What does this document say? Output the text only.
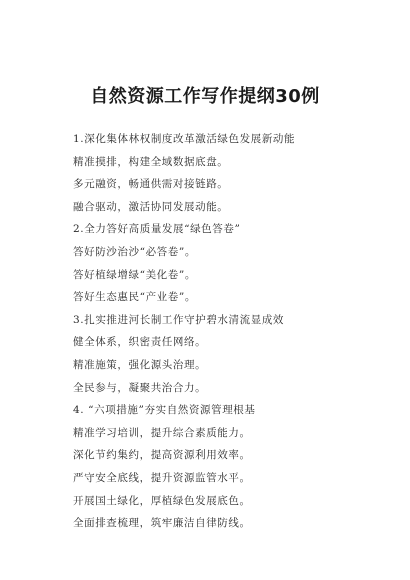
自然资源工作写作提纲30例
1.深化集体林权制度改革激活绿色发展新动能
精准摸排，构建全域数据底盘。
多元融资，畅通供需对接链路。
融合驱动，激活协同发展动能。
2.全力答好高质量发展“绿色答卷”
答好防沙治沙“必答卷”。
答好植绿增绿“美化卷”。
答好生态惠民“产业卷”。
3.扎实推进河长制工作守护碧水清流显成效
健全体系，织密责任网络。
精准施策，强化源头治理。
全民参与，凝聚共治合力。
4. “六项措施”夯实自然资源管理根基
精准学习培训，提升综合素质能力。
深化节约集约，提高资源利用效率。
严守安全底线，提升资源监管水平。
开展国土绿化，厚植绿色发展底色。
全面排查梳理，筑牢廉洁自律防线。
